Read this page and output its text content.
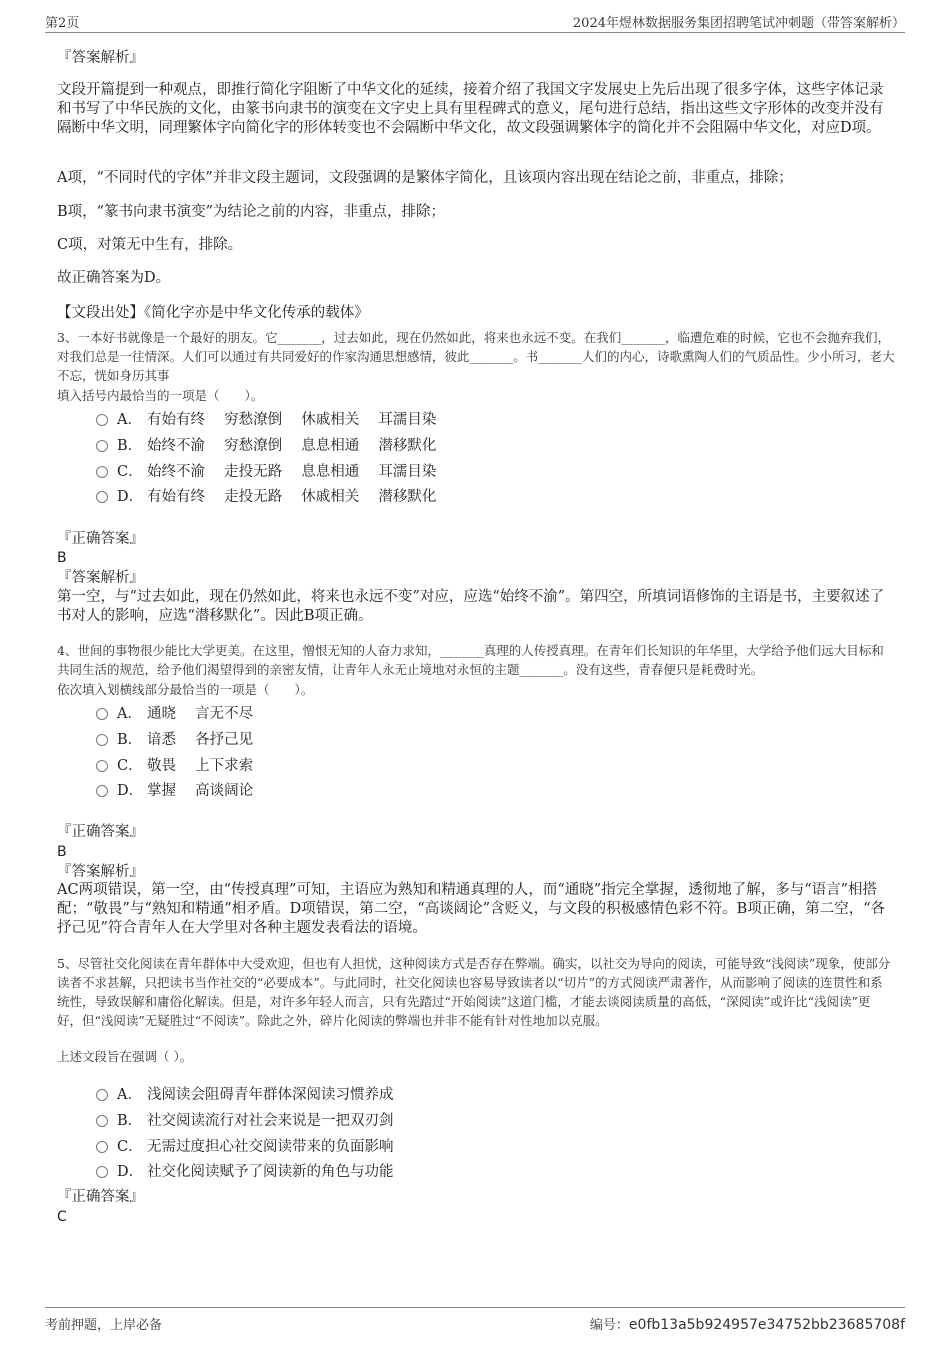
第2页	2024年煜林数据服务集团招聘笔试冲刺题（带答案解析）
『答案解析』

文段开篇提到一种观点，即推行简化字阻断了中华文化的延续，接着介绍了我国文字发展史上先后出现了很多字体，这些字体记录和书写了中华民族的文化，由篆书向隶书的演变在文字史上具有里程碑式的意义，尾句进行总结，指出这些文字形体的改变并没有隔断中华文明，同理繁体字向简化字的形体转变也不会隔断中华文化，故文段强调繁体字的简化并不会阻隔中华文化，对应D项。

A项，“不同时代的字体”并非文段主题词，文段强调的是繁体字简化，且该项内容出现在结论之前，非重点，排除；
B项，“篆书向隶书演变”为结论之前的内容，非重点，排除；
C项，对策无中生有，排除。
故正确答案为D。
【文段出处】《简化字亦是中华文化传承的载体》

3、一本好书就像是一个最好的朋友。它_______，过去如此，现在仍然如此，将来也永远不变。在我们_______，临遭危难的时候，它也不会抛弃我们，对我们总是一往情深。人们可以通过有共同爱好的作家沟通思想感情，彼此_______。书_______人们的内心，诗歌熏陶人们的气质品性。少小所习，老大不忘，恍如身历其事

填入括号内最恰当的一项是（　　）。
A． 有始有终　 穷愁潦倒　 休戚相关　 耳濡目染
B． 始终不渝　 穷愁潦倒　 息息相通　 潜移默化
C． 始终不渝　 走投无路　 息息相通　 耳濡目染
D． 有始有终　 走投无路　 休戚相关　 潜移默化
『正确答案』
B
『答案解析』

第一空，与“过去如此，现在仍然如此，将来也永远不变”对应，应选“始终不渝”。第四空，所填词语修饰的主语是书，主要叙述了书对人的影响，应选“潜移默化”。因此B项正确。

4、世间的事物很少能比大学更美。在这里，憎恨无知的人奋力求知，_______真理的人传授真理。在青年们长知识的年华里，大学给予他们远大目标和共同生活的规范，给予他们渴望得到的亲密友情，让青年人永无止境地对永恒的主题_______。没有这些，青春便只是耗费时光。

依次填入划横线部分最恰当的一项是（　　）。
A． 通晓　 言无不尽
B． 谙悉　 各抒己见
C． 敬畏　 上下求索
D． 掌握　 高谈阔论
『正确答案』
B
『答案解析』

AC两项错误，第一空，由“传授真理”可知，主语应为熟知和精通真理的人，而“通晓”指完全掌握，透彻地了解，多与“语言”相搭配；“敬畏”与“熟知和精通”相矛盾。D项错误，第二空，“高谈阔论”含贬义，与文段的积极感情色彩不符。B项正确，第二空，“各抒己见”符合青年人在大学里对各种主题发表看法的语境。

5、尽管社交化阅读在青年群体中大受欢迎，但也有人担忧，这种阅读方式是否存在弊端。确实，以社交为导向的阅读，可能导致“浅阅读”现象，使部分读者不求甚解，只把读书当作社交的“必要成本”。与此同时，社交化阅读也容易导致读者以“切片”的方式阅读严肃著作，从而影响了阅读的连贯性和系统性，导致误解和庸俗化解读。但是，对许多年轻人而言，只有先踏过“开始阅读”这道门槛，才能去谈阅读质量的高低，“深阅读”或许比“浅阅读”更好，但“浅阅读”无疑胜过“不阅读”。除此之外，碎片化阅读的弊端也并非不能有针对性地加以克服。

上述文段旨在强调（ ）。
A． 浅阅读会阻碍青年群体深阅读习惯养成
B． 社交阅读流行对社会来说是一把双刃剑
C． 无需过度担心社交阅读带来的负面影响
D． 社交化阅读赋予了阅读新的角色与功能
『正确答案』
C
考前押题，上岸必备	编号：e0fb13a5b924957e34752bb23685708f
